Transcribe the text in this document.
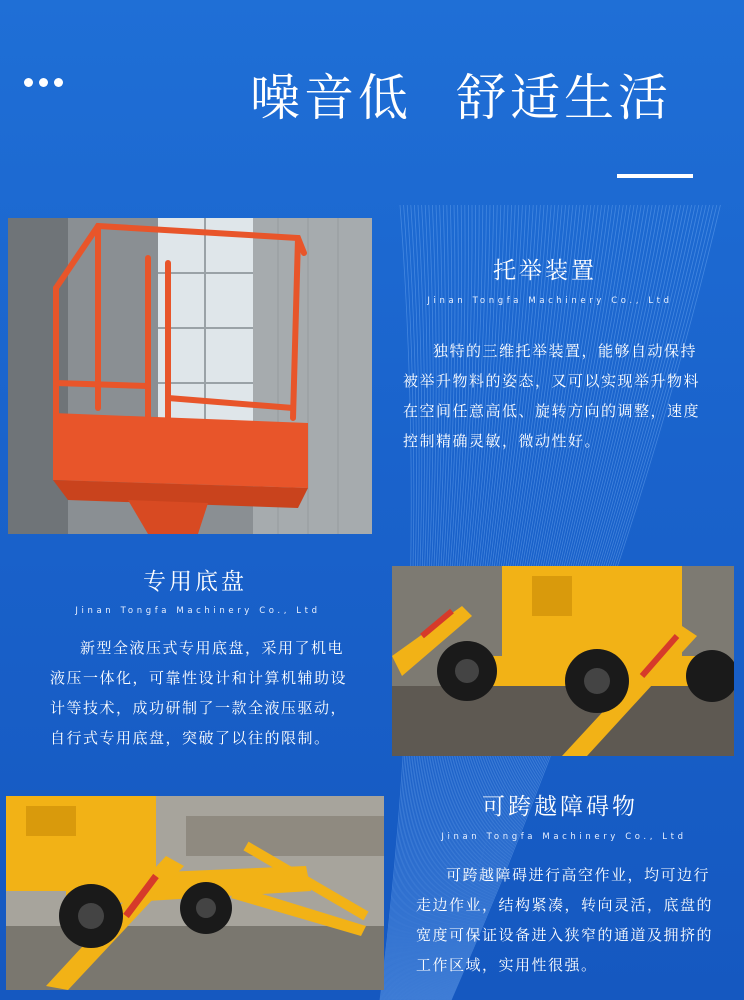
噪音低 舒适生活
托举装置
Jinan Tongfa Machinery Co., Ltd
独特的三维托举装置，能够自动保持被举升物料的姿态，又可以实现举升物料在空间任意高低、旋转方向的调整，速度控制精确灵敏，微动性好。
专用底盘
Jinan Tongfa Machinery Co., Ltd
新型全液压式专用底盘，采用了机电液压一体化，可靠性设计和计算机辅助设计等技术，成功研制了一款全液压驱动，自行式专用底盘，突破了以往的限制。
可跨越障碍物
Jinan Tongfa Machinery Co., Ltd
可跨越障碍进行高空作业，均可边行走边作业，结构紧凑，转向灵活，底盘的宽度可保证设备进入狭窄的通道及拥挤的工作区域，实用性很强。
